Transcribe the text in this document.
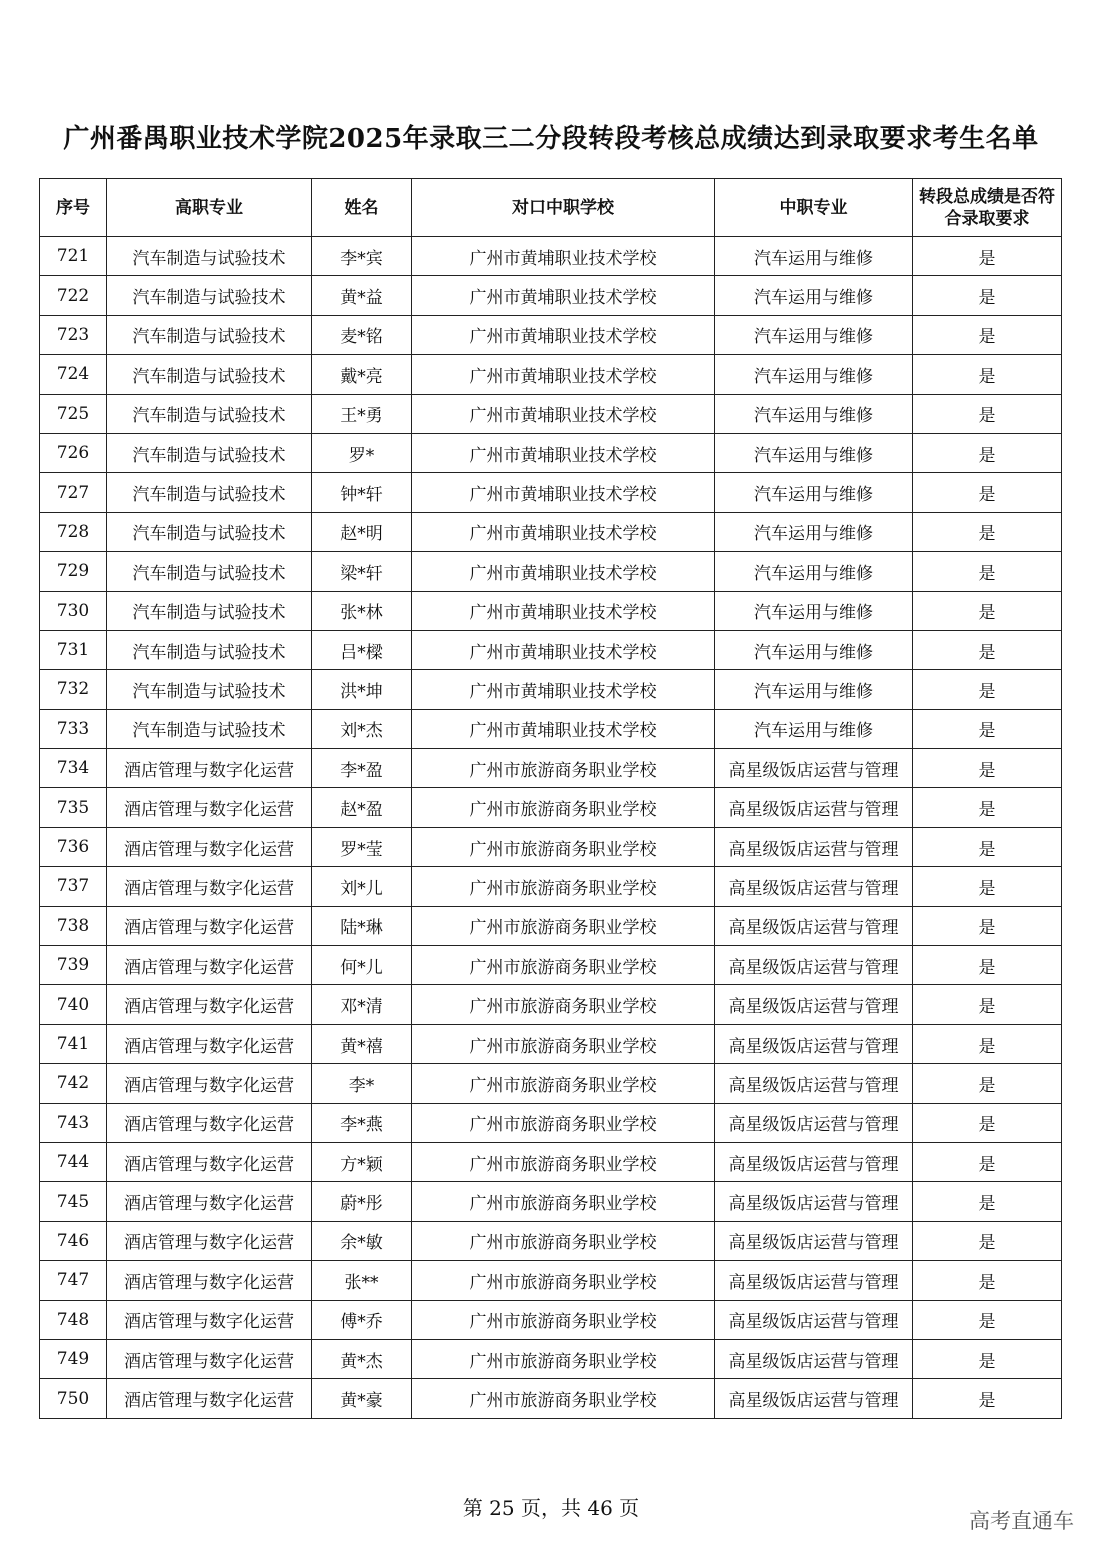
广州番禺职业技术学院2025年录取三二分段转段考核总成绩达到录取要求考生名单
序号	高职专业	姓名	对口中职学校	中职专业	转段总成绩是否符合录取要求
721	汽车制造与试验技术	李*宾	广州市黄埔职业技术学校	汽车运用与维修	是
722	汽车制造与试验技术	黄*益	广州市黄埔职业技术学校	汽车运用与维修	是
723	汽车制造与试验技术	麦*铭	广州市黄埔职业技术学校	汽车运用与维修	是
724	汽车制造与试验技术	戴*亮	广州市黄埔职业技术学校	汽车运用与维修	是
725	汽车制造与试验技术	王*勇	广州市黄埔职业技术学校	汽车运用与维修	是
726	汽车制造与试验技术	罗*	广州市黄埔职业技术学校	汽车运用与维修	是
727	汽车制造与试验技术	钟*轩	广州市黄埔职业技术学校	汽车运用与维修	是
728	汽车制造与试验技术	赵*明	广州市黄埔职业技术学校	汽车运用与维修	是
729	汽车制造与试验技术	梁*轩	广州市黄埔职业技术学校	汽车运用与维修	是
730	汽车制造与试验技术	张*林	广州市黄埔职业技术学校	汽车运用与维修	是
731	汽车制造与试验技术	吕*樑	广州市黄埔职业技术学校	汽车运用与维修	是
732	汽车制造与试验技术	洪*坤	广州市黄埔职业技术学校	汽车运用与维修	是
733	汽车制造与试验技术	刘*杰	广州市黄埔职业技术学校	汽车运用与维修	是
734	酒店管理与数字化运营	李*盈	广州市旅游商务职业学校	高星级饭店运营与管理	是
735	酒店管理与数字化运营	赵*盈	广州市旅游商务职业学校	高星级饭店运营与管理	是
736	酒店管理与数字化运营	罗*莹	广州市旅游商务职业学校	高星级饭店运营与管理	是
737	酒店管理与数字化运营	刘*儿	广州市旅游商务职业学校	高星级饭店运营与管理	是
738	酒店管理与数字化运营	陆*琳	广州市旅游商务职业学校	高星级饭店运营与管理	是
739	酒店管理与数字化运营	何*儿	广州市旅游商务职业学校	高星级饭店运营与管理	是
740	酒店管理与数字化运营	邓*清	广州市旅游商务职业学校	高星级饭店运营与管理	是
741	酒店管理与数字化运营	黄*禧	广州市旅游商务职业学校	高星级饭店运营与管理	是
742	酒店管理与数字化运营	李*	广州市旅游商务职业学校	高星级饭店运营与管理	是
743	酒店管理与数字化运营	李*燕	广州市旅游商务职业学校	高星级饭店运营与管理	是
744	酒店管理与数字化运营	方*颖	广州市旅游商务职业学校	高星级饭店运营与管理	是
745	酒店管理与数字化运营	蔚*彤	广州市旅游商务职业学校	高星级饭店运营与管理	是
746	酒店管理与数字化运营	余*敏	广州市旅游商务职业学校	高星级饭店运营与管理	是
747	酒店管理与数字化运营	张**	广州市旅游商务职业学校	高星级饭店运营与管理	是
748	酒店管理与数字化运营	傅*乔	广州市旅游商务职业学校	高星级饭店运营与管理	是
749	酒店管理与数字化运营	黄*杰	广州市旅游商务职业学校	高星级饭店运营与管理	是
750	酒店管理与数字化运营	黄*豪	广州市旅游商务职业学校	高星级饭店运营与管理	是
第 25 页，共 46 页
高考直通车
